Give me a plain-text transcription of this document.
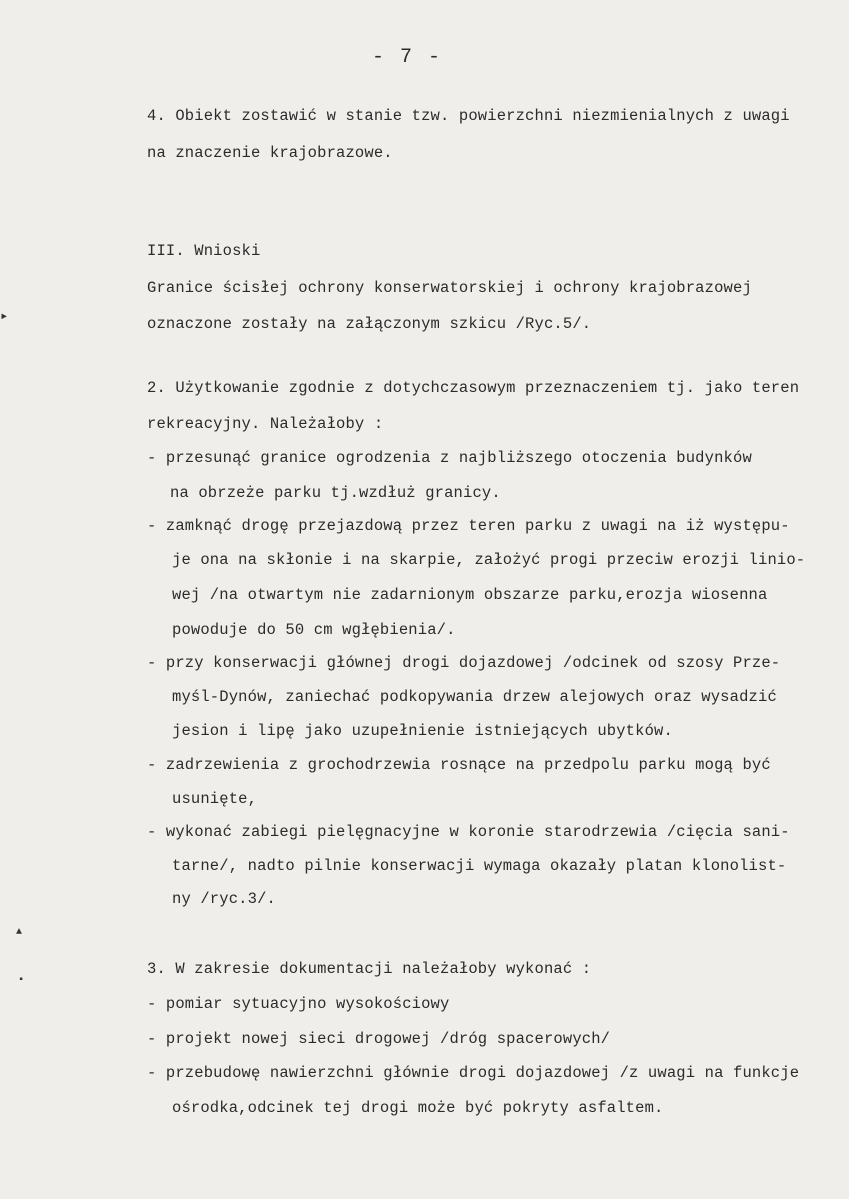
- 7 -
4. Obiekt zostawić w stanie tzw. powierzchni niezmienialnych z uwagi
na znaczenie krajobrazowe.
III. Wnioski
Granice ścisłej ochrony konserwatorskiej i ochrony krajobrazowej
oznaczone zostały na załączonym szkicu /Ryc.5/.
2. Użytkowanie zgodnie z dotychczasowym przeznaczeniem tj. jako teren
rekreacyjny. Należałoby :
- przesunąć granice ogrodzenia z najbliższego otoczenia budynków
na obrzeże parku tj.wzdłuż granicy.
- zamknąć drogę przejazdową przez teren parku z uwagi na iż występu-
je ona na skłonie i na skarpie, założyć progi przeciw erozji linio-
wej /na otwartym nie zadarnionym obszarze parku,erozja wiosenna
powoduje do 50 cm wgłębienia/.
- przy konserwacji głównej drogi dojazdowej /odcinek od szosy Prze-
myśl-Dynów, zaniechać podkopywania drzew alejowych oraz wysadzić
jesion i lipę jako uzupełnienie istniejących ubytków.
- zadrzewienia z grochodrzewia rosnące na przedpolu parku mogą być
usunięte,
- wykonać zabiegi pielęgnacyjne w koronie starodrzewia /cięcia sani-
tarne/, nadto pilnie konserwacji wymaga okazały platan klonolist-
ny /ryc.3/.
3. W zakresie dokumentacji należałoby wykonać :
- pomiar sytuacyjno wysokościowy
- projekt nowej sieci drogowej /dróg spacerowych/
- przebudowę nawierzchni głównie drogi dojazdowej /z uwagi na funkcje
ośrodka,odcinek tej drogi może być pokryty asfaltem.
▸
▲
▪
